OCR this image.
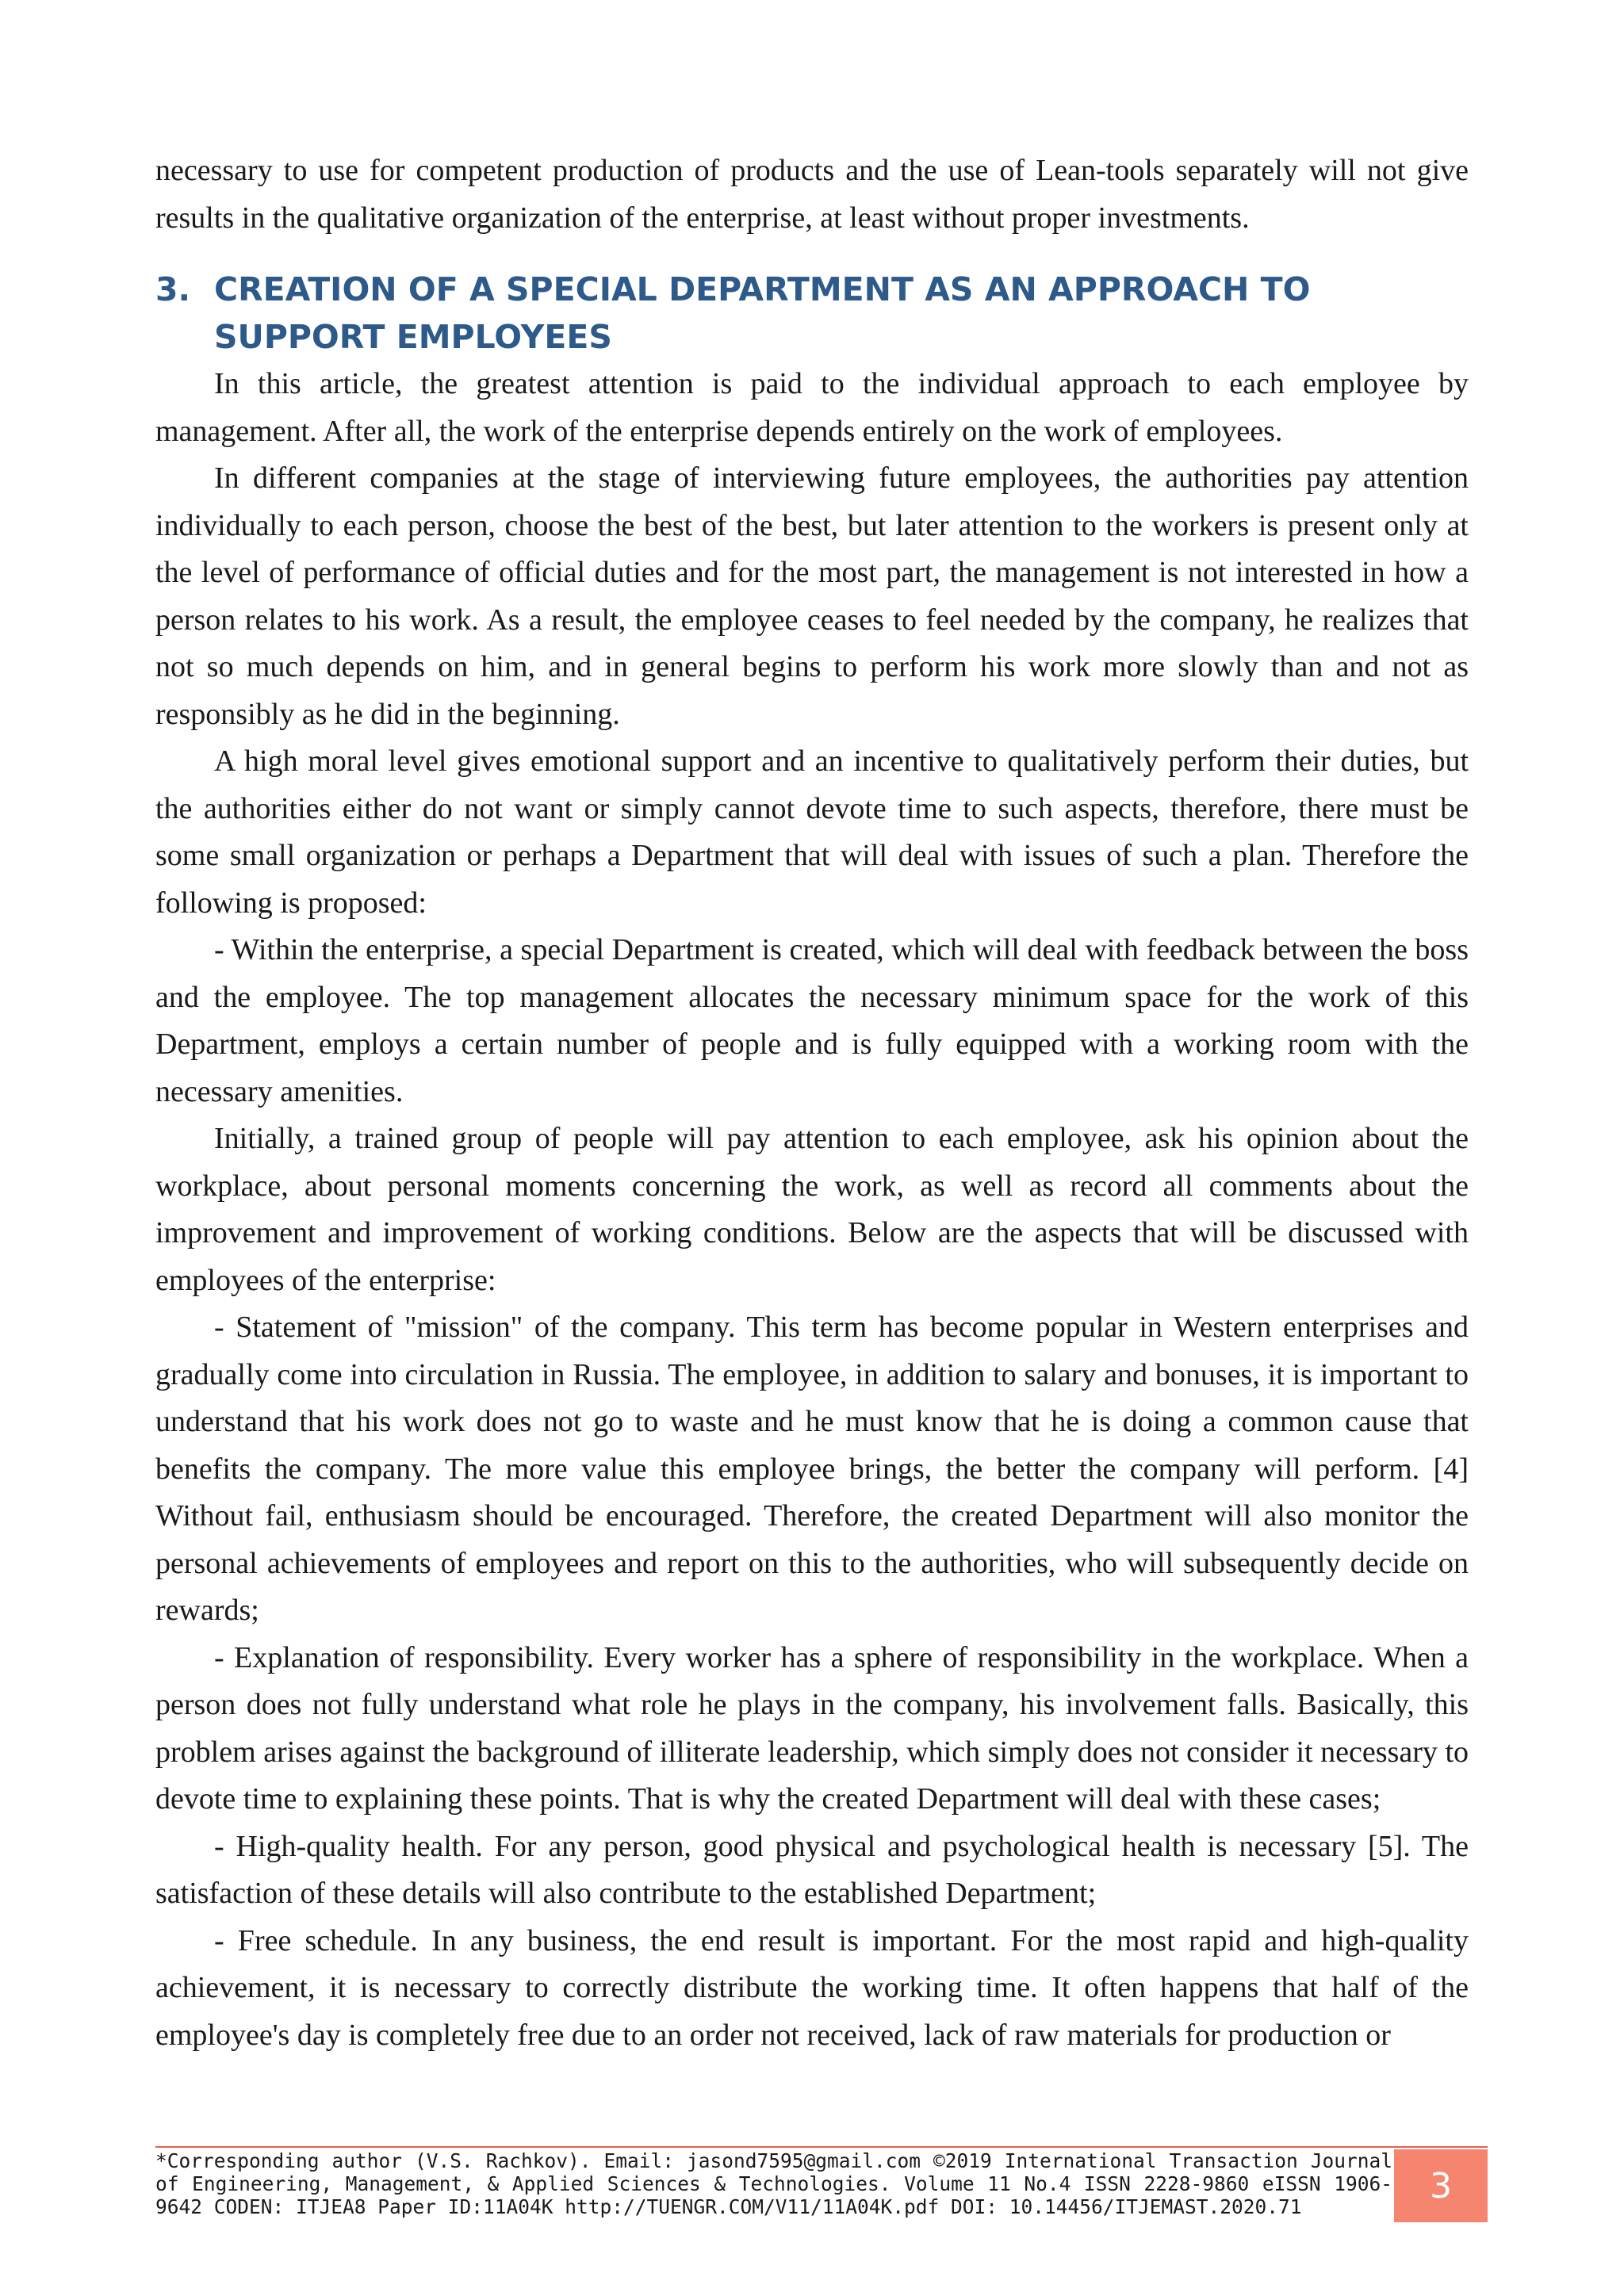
necessary to use for competent production of products and the use of Lean-tools separately will not give results in the qualitative organization of the enterprise, at least without proper investments.

3. CREATION OF A SPECIAL DEPARTMENT AS AN APPROACH TO SUPPORT EMPLOYEES

In this article, the greatest attention is paid to the individual approach to each employee by management. After all, the work of the enterprise depends entirely on the work of employees.

In different companies at the stage of interviewing future employees, the authorities pay attention individually to each person, choose the best of the best, but later attention to the workers is present only at the level of performance of official duties and for the most part, the management is not interested in how a person relates to his work. As a result, the employee ceases to feel needed by the company, he realizes that not so much depends on him, and in general begins to perform his work more slowly than and not as responsibly as he did in the beginning.

A high moral level gives emotional support and an incentive to qualitatively perform their duties, but the authorities either do not want or simply cannot devote time to such aspects, therefore, there must be some small organization or perhaps a Department that will deal with issues of such a plan. Therefore the following is proposed:

- Within the enterprise, a special Department is created, which will deal with feedback between the boss and the employee. The top management allocates the necessary minimum space for the work of this Department, employs a certain number of people and is fully equipped with a working room with the necessary amenities.

Initially, a trained group of people will pay attention to each employee, ask his opinion about the workplace, about personal moments concerning the work, as well as record all comments about the improvement and improvement of working conditions. Below are the aspects that will be discussed with employees of the enterprise:

- Statement of "mission" of the company. This term has become popular in Western enterprises and gradually come into circulation in Russia. The employee, in addition to salary and bonuses, it is important to understand that his work does not go to waste and he must know that he is doing a common cause that benefits the company. The more value this employee brings, the better the company will perform. [4] Without fail, enthusiasm should be encouraged. Therefore, the created Department will also monitor the personal achievements of employees and report on this to the authorities, who will subsequently decide on rewards;

- Explanation of responsibility. Every worker has a sphere of responsibility in the workplace. When a person does not fully understand what role he plays in the company, his involvement falls. Basically, this problem arises against the background of illiterate leadership, which simply does not consider it necessary to devote time to explaining these points. That is why the created Department will deal with these cases;

- High-quality health. For any person, good physical and psychological health is necessary [5]. The satisfaction of these details will also contribute to the established Department;

- Free schedule. In any business, the end result is important. For the most rapid and high-quality achievement, it is necessary to correctly distribute the working time. It often happens that half of the employee's day is completely free due to an order not received, lack of raw materials for production or

*Corresponding author (V.S. Rachkov). Email: jasond7595@gmail.com ©2019 International Transaction Journal of Engineering, Management, & Applied Sciences & Technologies. Volume 11 No.4 ISSN 2228-9860 eISSN 1906-9642 CODEN: ITJEA8 Paper ID:11A04K http://TUENGR.COM/V11/11A04K.pdf DOI: 10.14456/ITJEMAST.2020.71
3
